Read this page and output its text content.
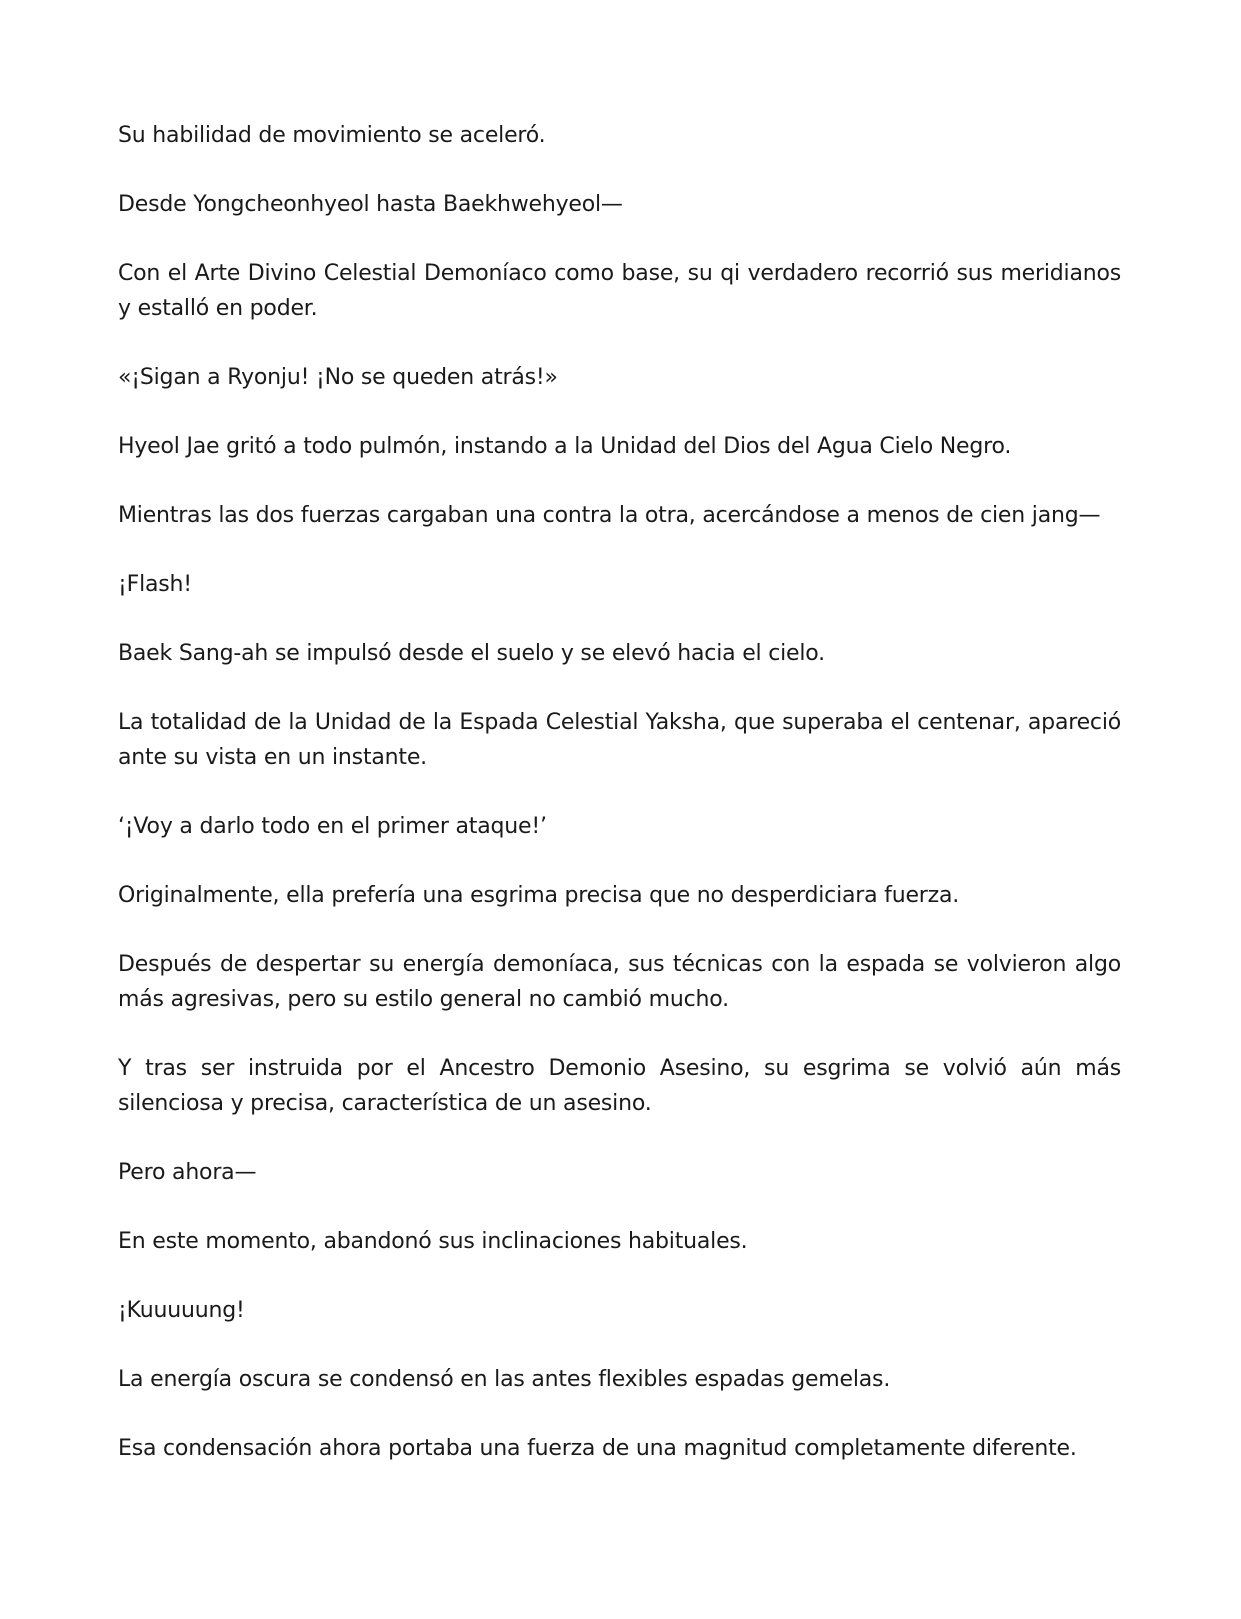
Su habilidad de movimiento se aceleró.

Desde Yongcheonhyeol hasta Baekhwehyeol—

Con el Arte Divino Celestial Demoníaco como base, su qi verdadero recorrió sus meridianos y estalló en poder.

«¡Sigan a Ryonju! ¡No se queden atrás!»

Hyeol Jae gritó a todo pulmón, instando a la Unidad del Dios del Agua Cielo Negro.

Mientras las dos fuerzas cargaban una contra la otra, acercándose a menos de cien jang—

¡Flash!

Baek Sang-ah se impulsó desde el suelo y se elevó hacia el cielo.

La totalidad de la Unidad de la Espada Celestial Yaksha, que superaba el centenar, apareció ante su vista en un instante.

‘¡Voy a darlo todo en el primer ataque!’

Originalmente, ella prefería una esgrima precisa que no desperdiciara fuerza.

Después de despertar su energía demoníaca, sus técnicas con la espada se volvieron algo más agresivas, pero su estilo general no cambió mucho.

Y tras ser instruida por el Ancestro Demonio Asesino, su esgrima se volvió aún más silenciosa y precisa, característica de un asesino.

Pero ahora—

En este momento, abandonó sus inclinaciones habituales.

¡Kuuuuung!

La energía oscura se condensó en las antes flexibles espadas gemelas.

Esa condensación ahora portaba una fuerza de una magnitud completamente diferente.
